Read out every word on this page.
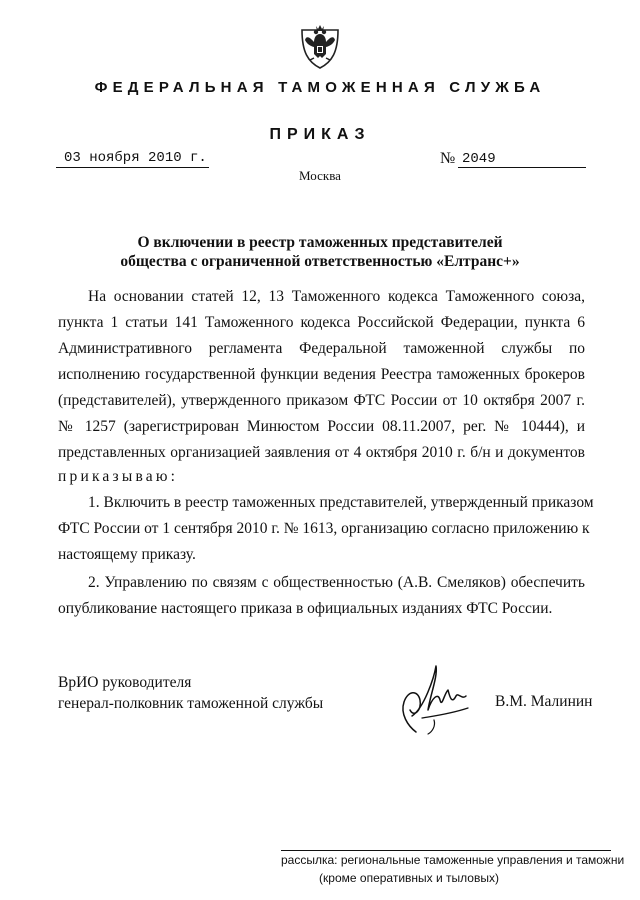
ФЕДЕРАЛЬНАЯ ТАМОЖЕННАЯ СЛУЖБА
ПРИКАЗ
03 ноября 2010 г.	№ 2049
Москва
О включении в реестр таможенных представителей
общества с ограниченной ответственностью «Елтранс+»
На основании статей 12, 13 Таможенного кодекса Таможенного союза,
пункта 1 статьи 141 Таможенного кодекса Российской Федерации, пункта 6
Административного регламента Федеральной таможенной службы по
исполнению государственной функции ведения Реестра таможенных брокеров
(представителей), утвержденного приказом ФТС России от 10 октября 2007 г.
№ 1257 (зарегистрирован Минюстом России 08.11.2007, рег. № 10444), и
представленных организацией заявления от 4 октября 2010 г. б/н и документов
приказываю:
1. Включить в реестр таможенных представителей, утвержденный приказом
ФТС России от 1 сентября 2010 г. № 1613, организацию согласно приложению к
настоящему приказу.
2. Управлению по связям с общественностью (А.В. Смеляков) обеспечить
опубликование настоящего приказа в официальных изданиях ФТС России.
ВрИО руководителя
генерал-полковник таможенной службы	В.М. Малинин
рассылка: региональные таможенные управления и таможни
(кроме оперативных и тыловых)
